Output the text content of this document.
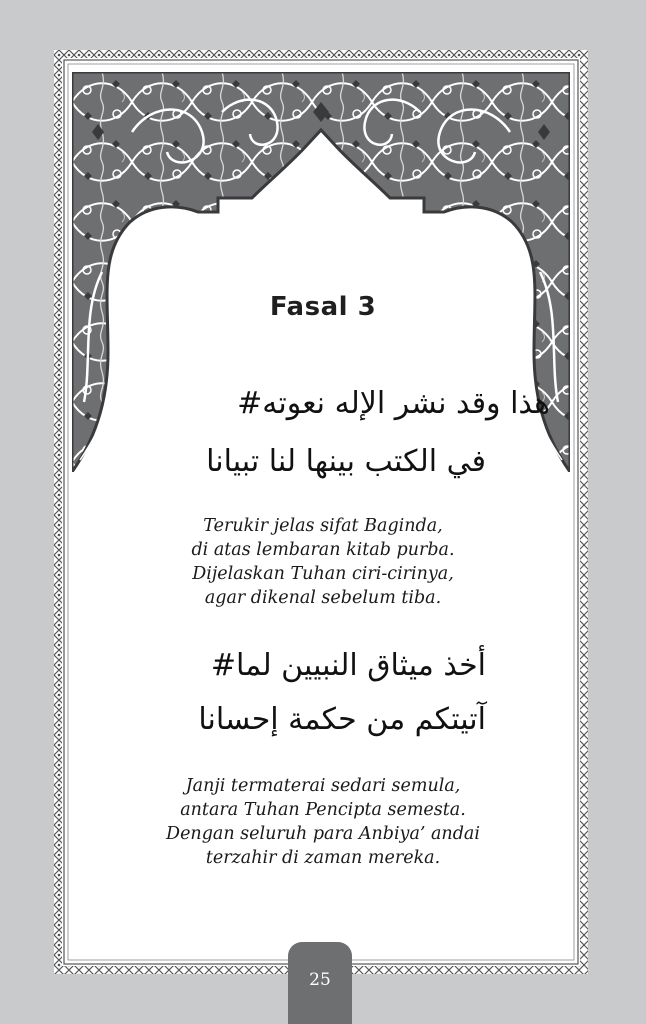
Fasal 3
هذا وقد نشر الإله نعوته#
في الكتب بينها لنا تبيانا
Terukir jelas sifat Baginda,
di atas lembaran kitab purba.
Dijelaskan Tuhan ciri-cirinya,
agar dikenal sebelum tiba.
أخذ ميثاق النبيين لما#
آتيتكم من حكمة إحسانا
Janji termaterai sedari semula,
antara Tuhan Pencipta semesta.
Dengan seluruh para Anbiya’ andai
terzahir di zaman mereka.
25
